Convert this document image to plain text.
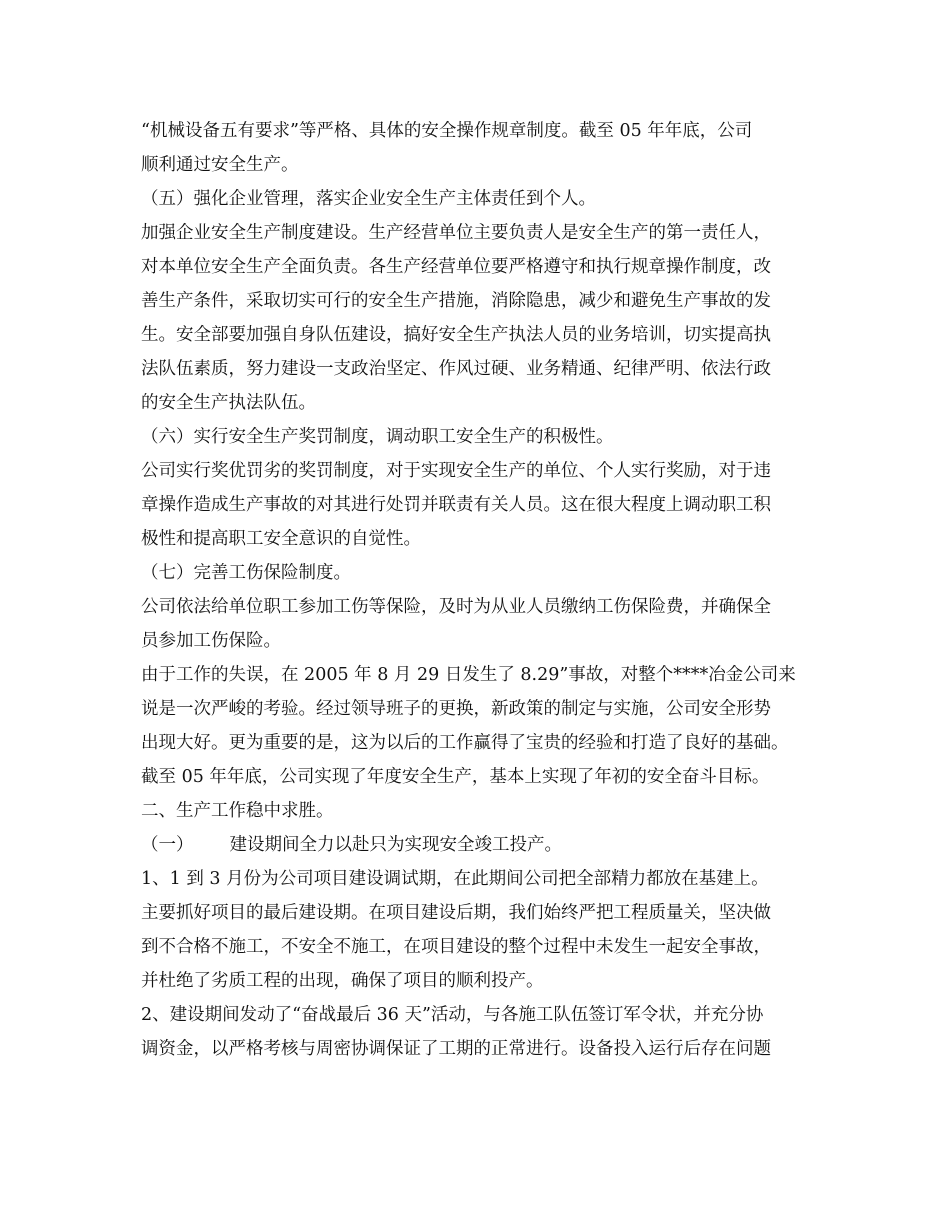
“机械设备五有要求”等严格、具体的安全操作规章制度。截至 05 年年底，公司
顺利通过安全生产。
（五）强化企业管理，落实企业安全生产主体责任到个人。
加强企业安全生产制度建设。生产经营单位主要负责人是安全生产的第一责任人，
对本单位安全生产全面负责。各生产经营单位要严格遵守和执行规章操作制度，改
善生产条件，采取切实可行的安全生产措施，消除隐患，减少和避免生产事故的发
生。安全部要加强自身队伍建设，搞好安全生产执法人员的业务培训，切实提高执
法队伍素质，努力建设一支政治坚定、作风过硬、业务精通、纪律严明、依法行政
的安全生产执法队伍。
（六）实行安全生产奖罚制度，调动职工安全生产的积极性。
公司实行奖优罚劣的奖罚制度，对于实现安全生产的单位、个人实行奖励，对于违
章操作造成生产事故的对其进行处罚并联责有关人员。这在很大程度上调动职工积
极性和提高职工安全意识的自觉性。
（七）完善工伤保险制度。
公司依法给单位职工参加工伤等保险，及时为从业人员缴纳工伤保险费，并确保全
员参加工伤保险。
由于工作的失误，在 2005 年 8 月 29 日发生了 8.29”事故，对整个****冶金公司来
说是一次严峻的考验。经过领导班子的更换，新政策的制定与实施，公司安全形势
出现大好。更为重要的是，这为以后的工作赢得了宝贵的经验和打造了良好的基础。
截至 05 年年底，公司实现了年度安全生产，基本上实现了年初的安全奋斗目标。
二、生产工作稳中求胜。
（一） 建设期间全力以赴只为实现安全竣工投产。
1、1 到 3 月份为公司项目建设调试期，在此期间公司把全部精力都放在基建上。
主要抓好项目的最后建设期。在项目建设后期，我们始终严把工程质量关，坚决做
到不合格不施工，不安全不施工，在项目建设的整个过程中未发生一起安全事故，
并杜绝了劣质工程的出现，确保了项目的顺利投产。
2、建设期间发动了“奋战最后 36 天”活动，与各施工队伍签订军令状，并充分协
调资金，以严格考核与周密协调保证了工期的正常进行。设备投入运行后存在问题
